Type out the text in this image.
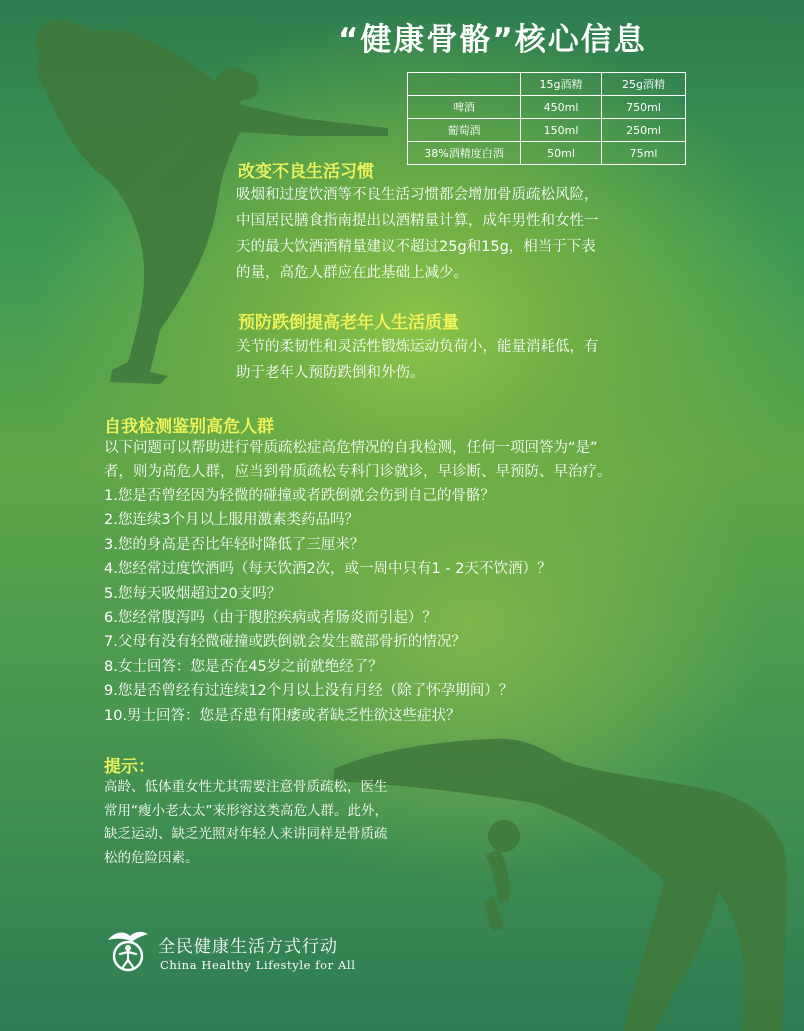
“健康骨骼”核心信息
	15g酒精	25g酒精
啤酒	450ml	750ml
葡萄酒	150ml	250ml
38%酒精度白酒	50ml	75ml
改变不良生活习惯
吸烟和过度饮酒等不良生活习惯都会增加骨质疏松风险，
中国居民膳食指南提出以酒精量计算，成年男性和女性一
天的最大饮酒酒精量建议不超过25g和15g，相当于下表
的量，高危人群应在此基础上减少。
预防跌倒提高老年人生活质量
关节的柔韧性和灵活性锻炼运动负荷小，能量消耗低，有
助于老年人预防跌倒和外伤。
自我检测鉴别高危人群
以下问题可以帮助进行骨质疏松症高危情况的自我检测，任何一项回答为“是”
者，则为高危人群，应当到骨质疏松专科门诊就诊，早诊断、早预防、早治疗。
1.您是否曾经因为轻微的碰撞或者跌倒就会伤到自己的骨骼？
2.您连续3个月以上服用激素类药品吗？
3.您的身高是否比年轻时降低了三厘米？
4.您经常过度饮酒吗（每天饮酒2次，或一周中只有1 - 2天不饮酒）？
5.您每天吸烟超过20支吗？
6.您经常腹泻吗（由于腹腔疾病或者肠炎而引起）？
7.父母有没有轻微碰撞或跌倒就会发生髋部骨折的情况？
8.女士回答：您是否在45岁之前就绝经了？
9.您是否曾经有过连续12个月以上没有月经（除了怀孕期间）？
10.男士回答：您是否患有阳痿或者缺乏性欲这些症状？
提示：
高龄、低体重女性尤其需要注意骨质疏松，医生
常用“瘦小老太太”来形容这类高危人群。此外，
缺乏运动、缺乏光照对年轻人来讲同样是骨质疏
松的危险因素。
全民健康生活方式行动
China Healthy Lifestyle for All
